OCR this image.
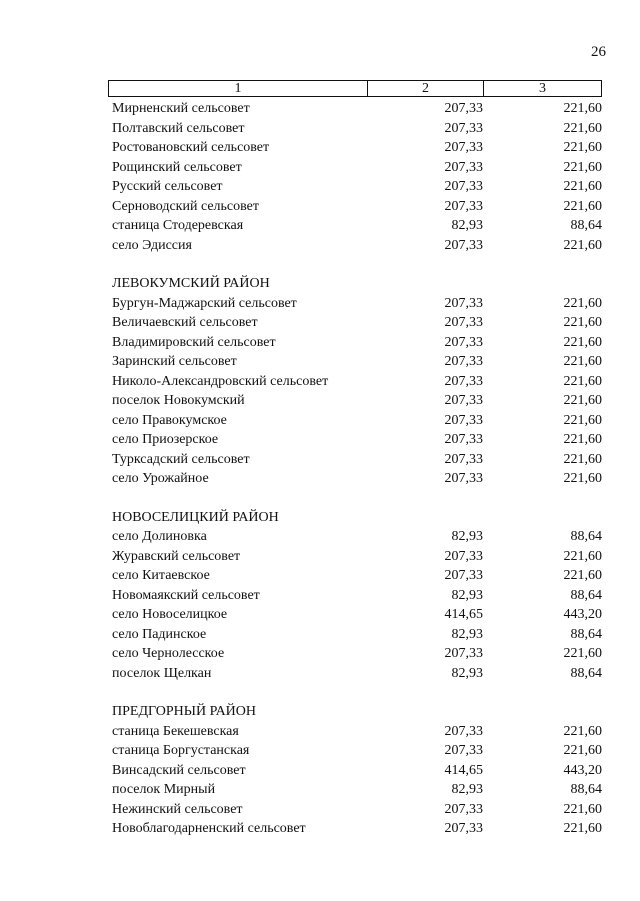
26
1	2	3
Мирненский сельсовет	207,33	221,60
Полтавский сельсовет	207,33	221,60
Ростовановский сельсовет	207,33	221,60
Рощинский сельсовет	207,33	221,60
Русский сельсовет	207,33	221,60
Серноводский сельсовет	207,33	221,60
станица Стодеревская	82,93	88,64
село Эдиссия	207,33	221,60
ЛЕВОКУМСКИЙ РАЙОН
Бургун-Маджарский сельсовет	207,33	221,60
Величаевский сельсовет	207,33	221,60
Владимировский сельсовет	207,33	221,60
Заринский сельсовет	207,33	221,60
Николо-Александровский сельсовет	207,33	221,60
поселок Новокумский	207,33	221,60
село Правокумское	207,33	221,60
село Приозерское	207,33	221,60
Турксадский сельсовет	207,33	221,60
село Урожайное	207,33	221,60
НОВОСЕЛИЦКИЙ РАЙОН
село Долиновка	82,93	88,64
Журавский сельсовет	207,33	221,60
село Китаевское	207,33	221,60
Новомаякский сельсовет	82,93	88,64
село Новоселицкое	414,65	443,20
село Падинское	82,93	88,64
село Чернолесское	207,33	221,60
поселок Щелкан	82,93	88,64
ПРЕДГОРНЫЙ РАЙОН
станица Бекешевская	207,33	221,60
станица Боргустанская	207,33	221,60
Винсадский сельсовет	414,65	443,20
поселок Мирный	82,93	88,64
Нежинский сельсовет	207,33	221,60
Новоблагодарненский сельсовет	207,33	221,60
